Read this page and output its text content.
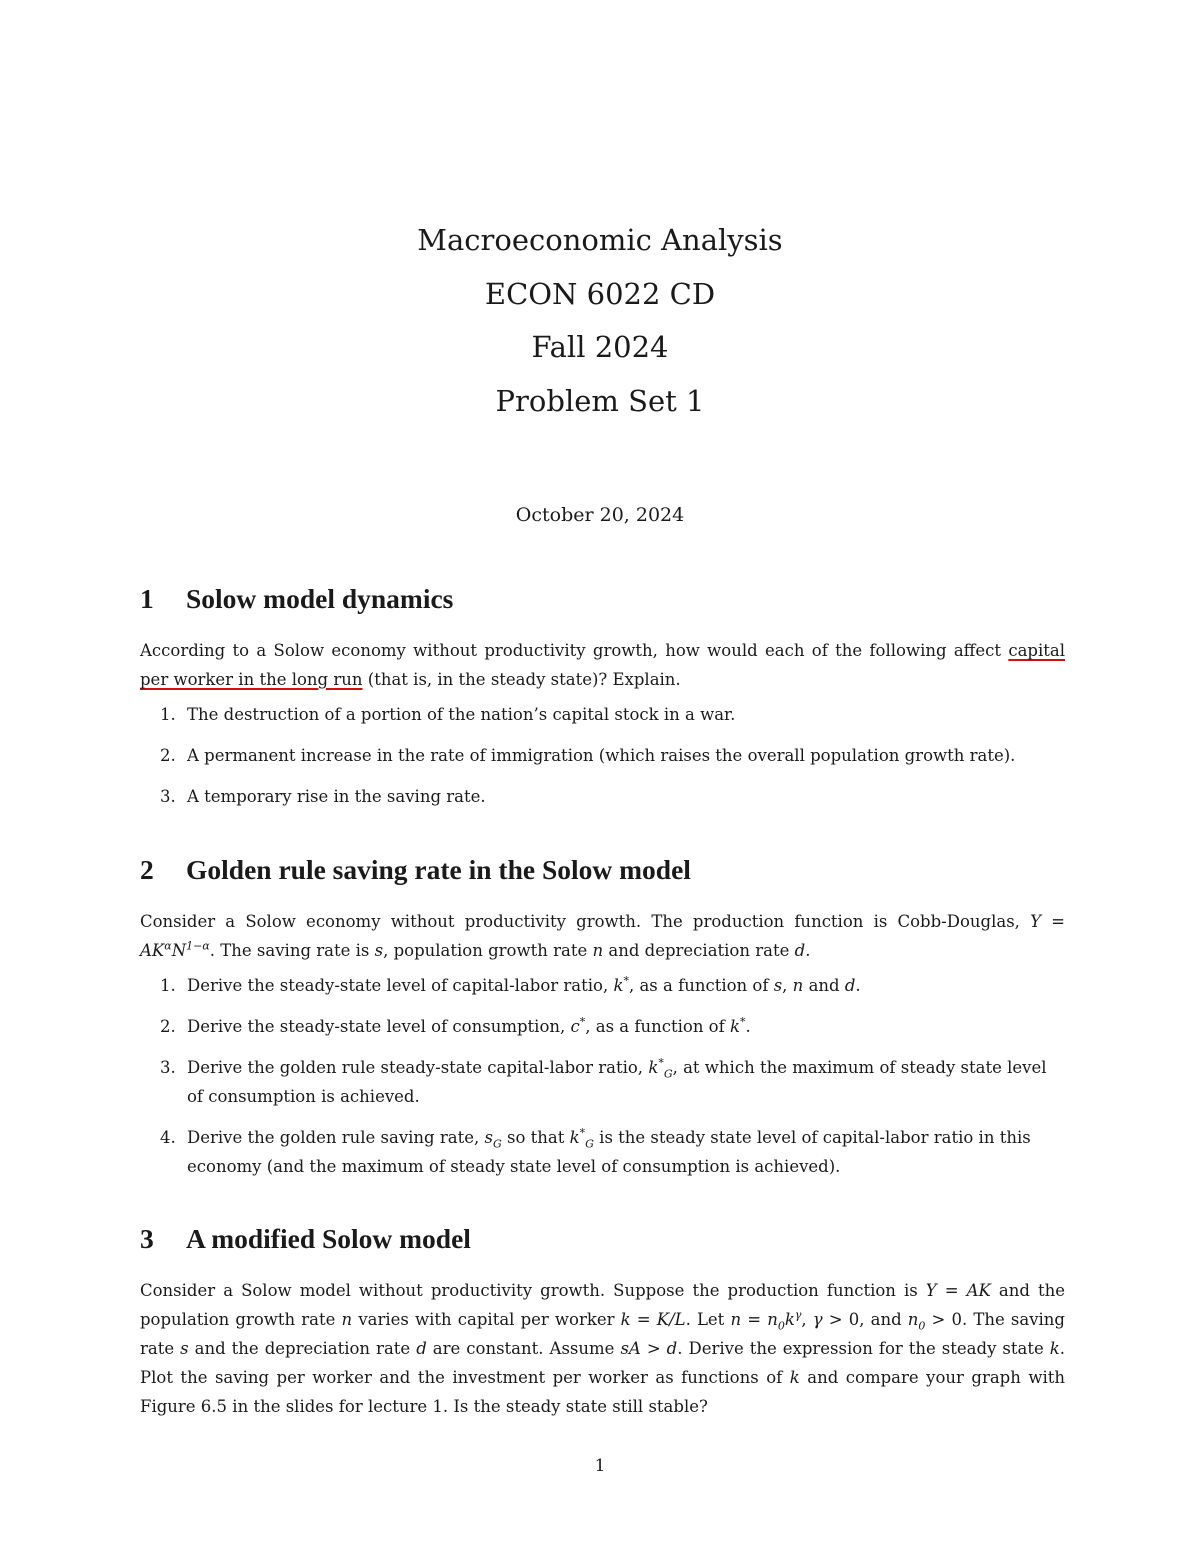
Macroeconomic Analysis
ECON 6022 CD
Fall 2024
Problem Set 1
October 20, 2024
1 Solow model dynamics

According to a Solow economy without productivity growth, how would each of the following affect capital per worker in the long run (that is, in the steady state)? Explain.

1. The destruction of a portion of the nation’s capital stock in a war.
2. A permanent increase in the rate of immigration (which raises the overall population growth rate).
3. A temporary rise in the saving rate.
2 Golden rule saving rate in the Solow model

Consider a Solow economy without productivity growth. The production function is Cobb-Douglas, $Y = AK^\alpha N^{1-\alpha}$. The saving rate is s, population growth rate n and depreciation rate d.

1. Derive the steady-state level of capital-labor ratio, k*, as a function of s, n and d.
2. Derive the steady-state level of consumption, c*, as a function of k*.
3. Derive the golden rule steady-state capital-labor ratio, $k^*_G$, at which the maximum of steady state level of consumption is achieved.
4. Derive the golden rule saving rate, $s_G$ so that $k^*_G$ is the steady state level of capital-labor ratio in this economy (and the maximum of steady state level of consumption is achieved).
3 A modified Solow model

Consider a Solow model without productivity growth. Suppose the production function is Y = AK and the population growth rate n varies with capital per worker k = K/L. Let $n = n_0k^\gamma$, γ > 0, and $n_0 > 0$. The saving rate s and the depreciation rate d are constant. Assume sA > d. Derive the expression for the steady state k. Plot the saving per worker and the investment per worker as functions of k and compare your graph with Figure 6.5 in the slides for lecture 1. Is the steady state still stable?

1
